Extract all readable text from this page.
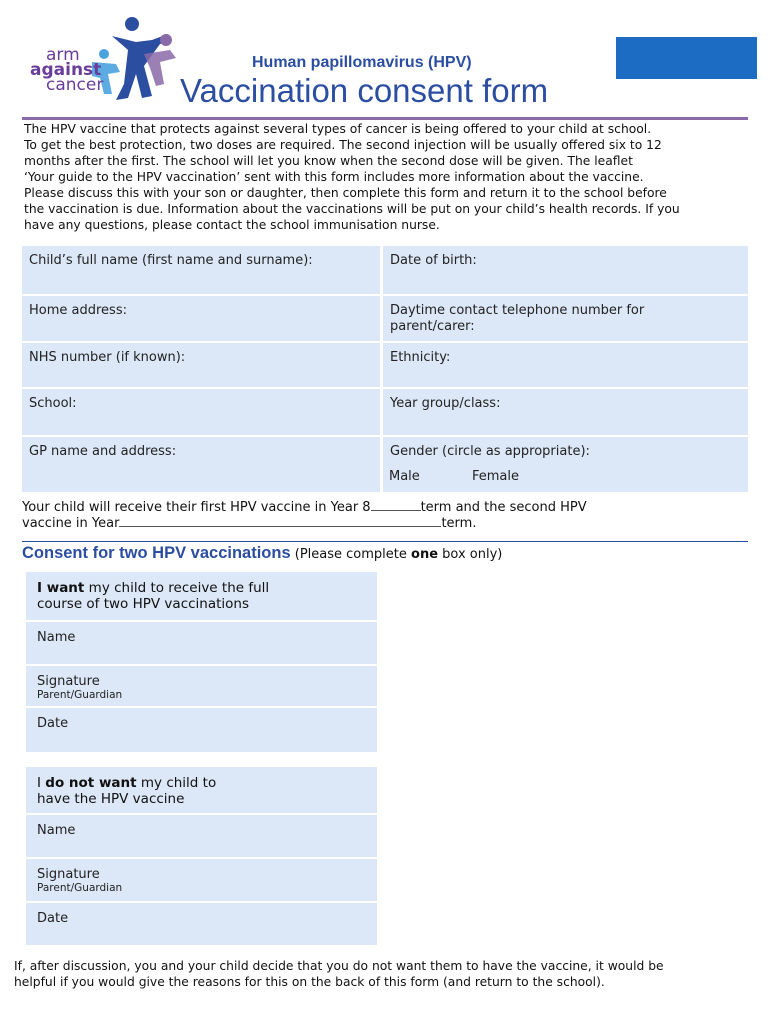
arm
against
cancer
Human papillomavirus (HPV)
Vaccination consent form

The HPV vaccine that protects against several types of cancer is being offered to your child at school.

To get the best protection, two doses are required. The second injection will be usually offered six to 12

months after the first. The school will let you know when the second dose will be given. The leaflet

‘Your guide to the HPV vaccination’ sent with this form includes more information about the vaccine.

Please discuss this with your son or daughter, then complete this form and return it to the school before

the vaccination is due. Information about the vaccinations will be put on your child’s health records. If you

have any questions, please contact the school immunisation nurse.

Child’s full name (first name and surname):	Date of birth:
Home address:	Daytime contact telephone number for parent/carer:
NHS number (if known):	Ethnicity:
School:	Year group/class:
GP name and address:	Gender (circle as appropriate):
Male	Female
Your child will receive their first HPV vaccine in Year 8	term and the second HPV
vaccine in Year	term.
Consent for two HPV vaccinations (Please complete one box only)
I want my child to receive the full
course of two HPV vaccinations
Name
Signature
Parent/Guardian
Date
I do not want my child to
have the HPV vaccine
Name
Signature
Parent/Guardian
Date
If, after discussion, you and your child decide that you do not want them to have the vaccine, it would be
helpful if you would give the reasons for this on the back of this form (and return to the school).
